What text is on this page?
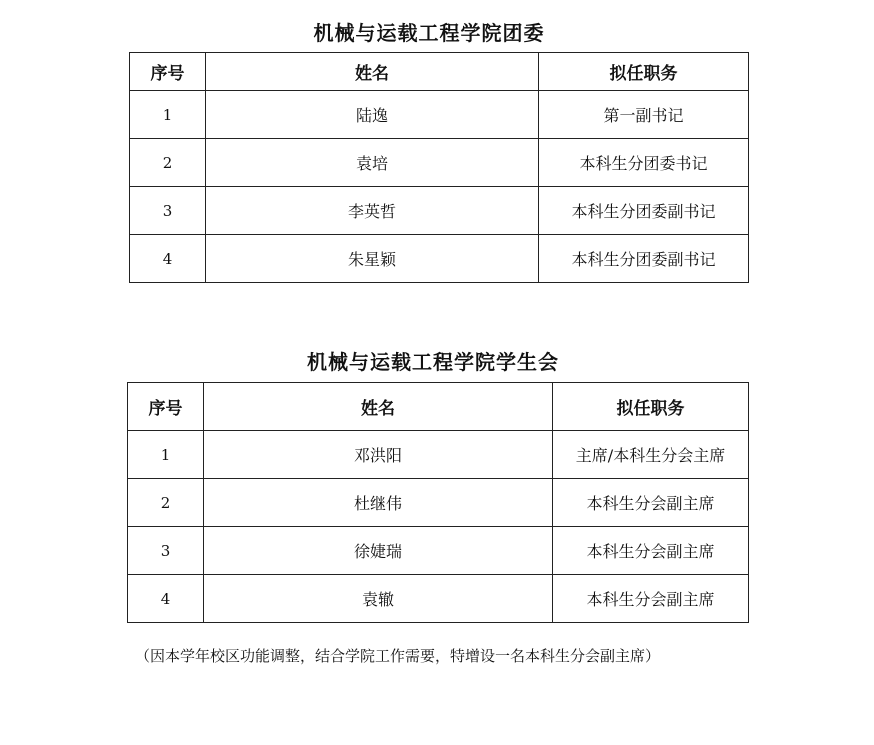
机械与运载工程学院团委
序号	姓名	拟任职务
1	陆逸	第一副书记
2	袁培	本科生分团委书记
3	李英哲	本科生分团委副书记
4	朱星颖	本科生分团委副书记
机械与运载工程学院学生会
序号	姓名	拟任职务
1	邓洪阳	主席/本科生分会主席
2	杜继伟	本科生分会副主席
3	徐婕瑞	本科生分会副主席
4	袁辙	本科生分会副主席
（因本学年校区功能调整，结合学院工作需要，特增设一名本科生分会副主席）
